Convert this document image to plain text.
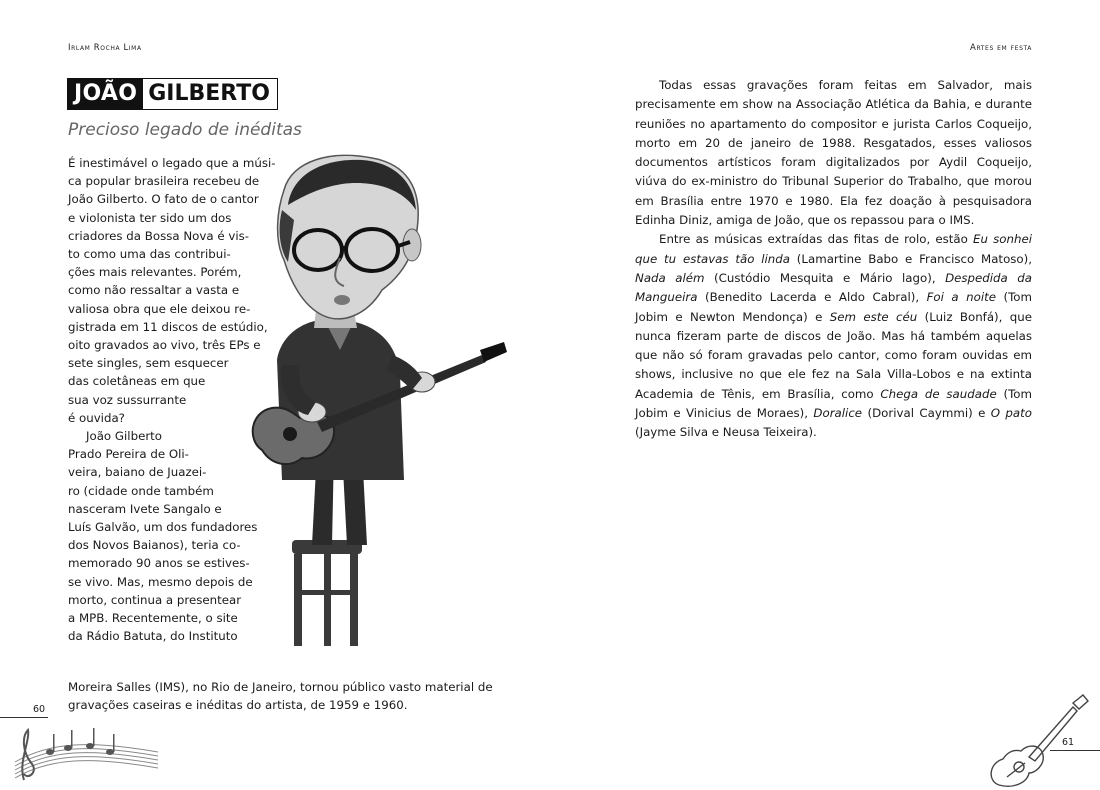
Irlam Rocha Lima	Artes em festa
JOÃO GILBERTO
Precioso legado de inéditas

É inestimável o legado que a músi-
ca popular brasileira recebeu de
João Gilberto. O fato de o cantor
e violonista ter sido um dos
criadores da Bossa Nova é vis-
to como uma das contribui-
ções mais relevantes. Porém,
como não ressaltar a vasta e
valiosa obra que ele deixou re-
gistrada em 11 discos de estúdio,
oito gravados ao vivo, três EPs e
sete singles, sem esquecer
das coletâneas em que
sua voz sussurrante
é ouvida?

João Gilberto
Prado Pereira de Oli-
veira, baiano de Juazei-
ro (cidade onde também
nasceram Ivete Sangalo e
Luís Galvão, um dos fundadores
dos Novos Baianos), teria co-
memorado 90 anos se estives-
se vivo. Mas, mesmo depois de
morto, continua a presentear
a MPB. Recentemente, o site
da Rádio Batuta, do Instituto

Moreira Salles (IMS), no Rio de Janeiro, tornou público vasto material de
gravações caseiras e inéditas do artista, de 1959 e 1960.

Todas essas gravações foram feitas em Salvador, mais precisamente em show na Associação Atlética da Bahia, e durante reuniões no apartamento do compositor e jurista Carlos Coqueijo, morto em 20 de janeiro de 1988. Resgatados, esses valiosos documentos artísticos foram digitalizados por Aydil Coqueijo, viúva do ex-ministro do Tribunal Superior do Trabalho, que morou em Brasília entre 1970 e 1980. Ela fez doação à pesquisadora Edinha Diniz, amiga de João, que os repassou para o IMS.

Entre as músicas extraídas das fitas de rolo, estão Eu sonhei que tu estavas tão linda (Lamartine Babo e Francisco Matoso), Nada além (Custódio Mesquita e Mário lago), Despedida da Mangueira (Benedito Lacerda e Aldo Cabral), Foi a noite (Tom Jobim e Newton Mendonça) e Sem este céu (Luiz Bonfá), que nunca fizeram parte de discos de João. Mas há também aquelas que não só foram gravadas pelo cantor, como foram ouvidas em shows, inclusive no que ele fez na Sala Villa-Lobos e na extinta Academia de Tênis, em Brasília, como Chega de saudade (Tom Jobim e Vinicius de Moraes), Doralice (Dorival Caymmi) e O pato (Jayme Silva e Neusa Teixeira).

60
61
